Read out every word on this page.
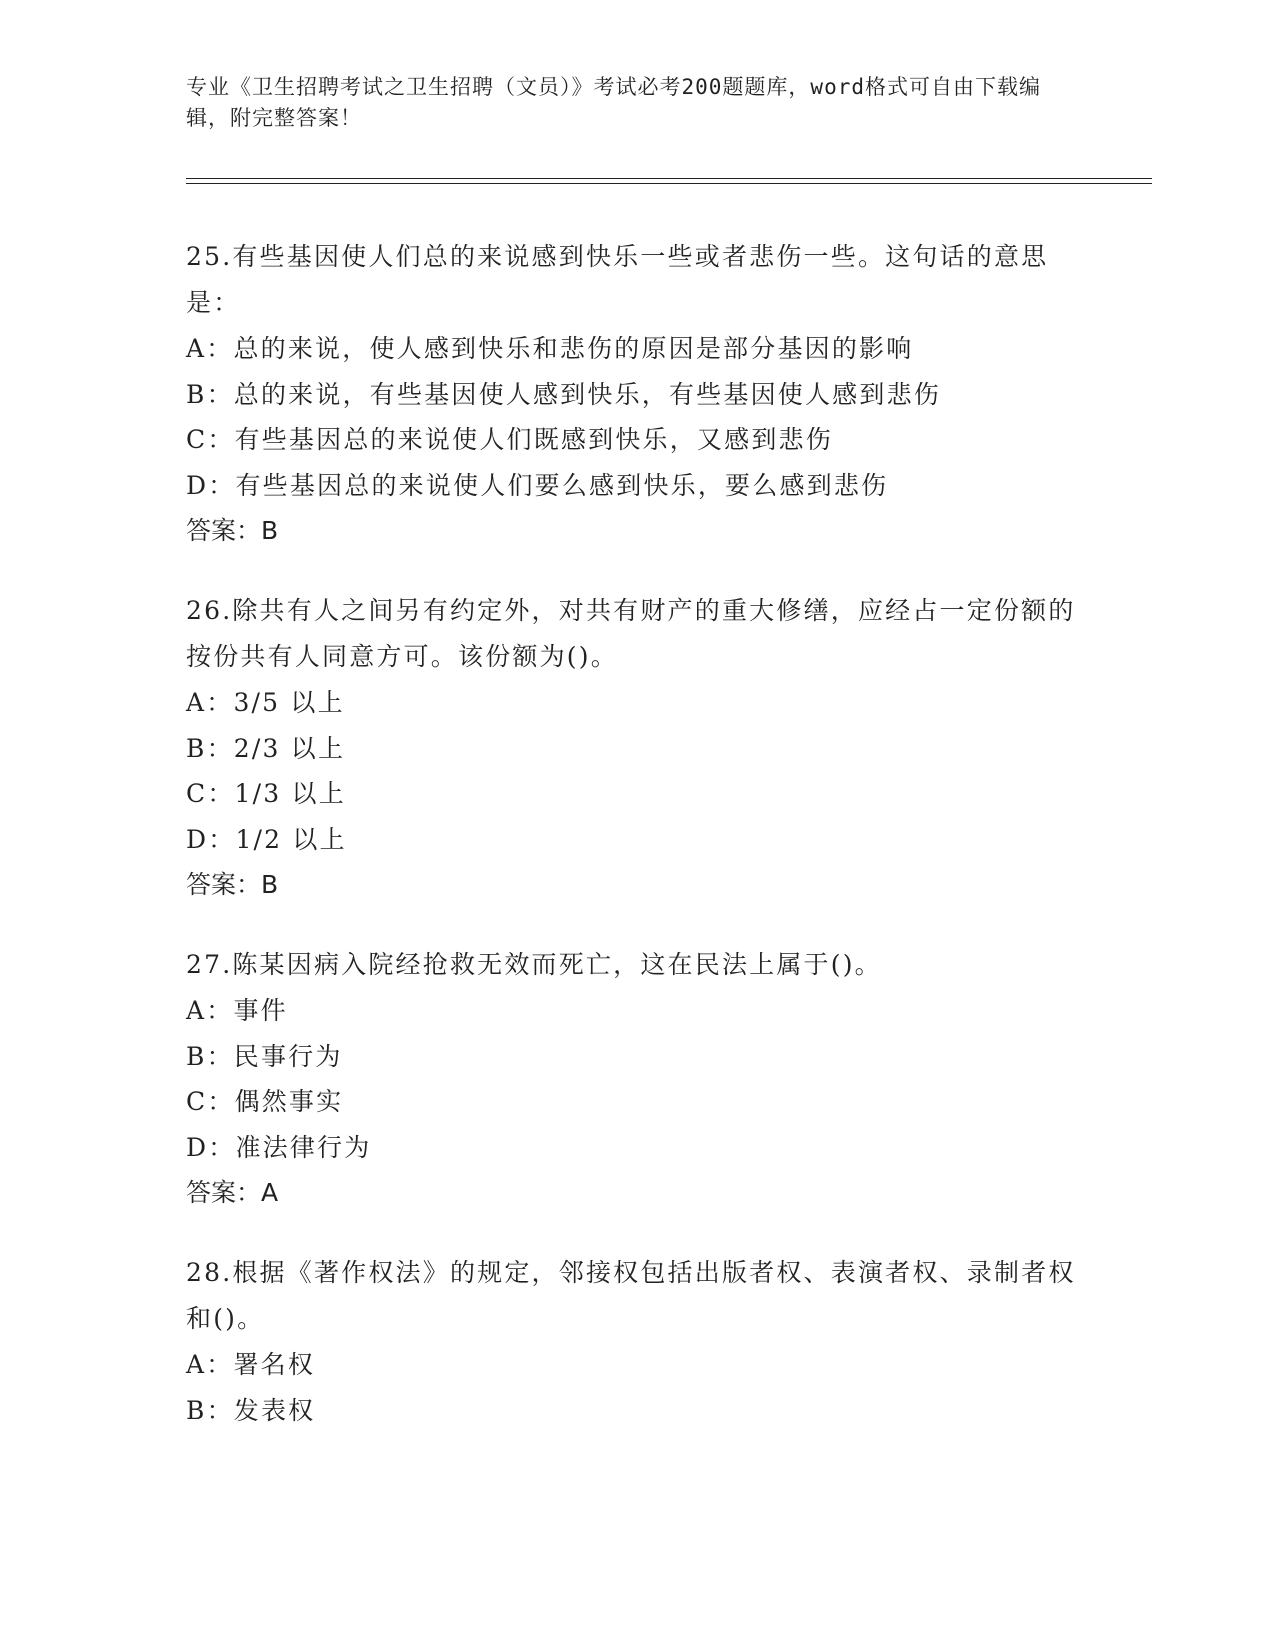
专业《卫生招聘考试之卫生招聘（文员）》考试必考200题题库，word格式可自由下载编辑，附完整答案！

25.有些基因使人们总的来说感到快乐一些或者悲伤一些。这句话的意思是：

A：总的来说，使人感到快乐和悲伤的原因是部分基因的影响

B：总的来说，有些基因使人感到快乐，有些基因使人感到悲伤

C：有些基因总的来说使人们既感到快乐，又感到悲伤

D：有些基因总的来说使人们要么感到快乐，要么感到悲伤

答案：B

26.除共有人之间另有约定外，对共有财产的重大修缮，应经占一定份额的按份共有人同意方可。该份额为()。

A：3/5 以上

B：2/3 以上

C：1/3 以上

D：1/2 以上

答案：B

27.陈某因病入院经抢救无效而死亡，这在民法上属于()。

A：事件

B：民事行为

C：偶然事实

D：准法律行为

答案：A

28.根据《著作权法》的规定，邻接权包括出版者权、表演者权、录制者权和()。

A：署名权

B：发表权
